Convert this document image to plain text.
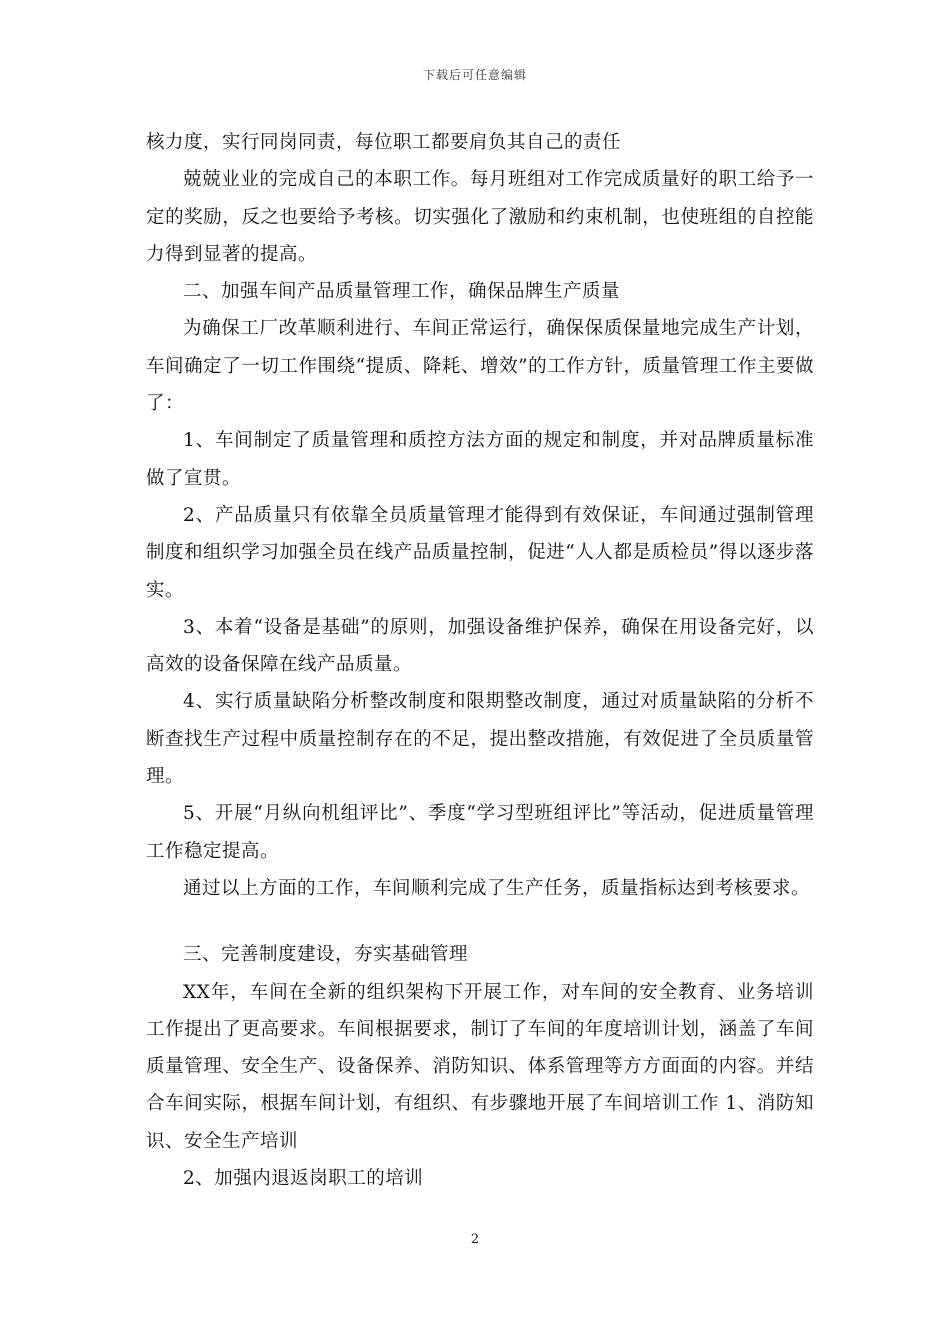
下载后可任意编辑

核力度，实行同岗同责，每位职工都要肩负其自己的责任

兢兢业业的完成自己的本职工作。每月班组对工作完成质量好的职工给予一定的奖励，反之也要给予考核。切实强化了激励和约束机制，也使班组的自控能力得到显著的提高。

二、加强车间产品质量管理工作，确保品牌生产质量

为确保工厂改革顺利进行、车间正常运行，确保保质保量地完成生产计划，车间确定了一切工作围绕“提质、降耗、增效”的工作方针，质量管理工作主要做了：

1、车间制定了质量管理和质控方法方面的规定和制度，并对品牌质量标准做了宣贯。

2、产品质量只有依靠全员质量管理才能得到有效保证，车间通过强制管理制度和组织学习加强全员在线产品质量控制，促进“人人都是质检员”得以逐步落实。

3、本着“设备是基础”的原则，加强设备维护保养，确保在用设备完好，以高效的设备保障在线产品质量。

4、实行质量缺陷分析整改制度和限期整改制度，通过对质量缺陷的分析不断查找生产过程中质量控制存在的不足，提出整改措施，有效促进了全员质量管理。

5、开展“月纵向机组评比”、季度“学习型班组评比”等活动，促进质量管理工作稳定提高。

通过以上方面的工作，车间顺利完成了生产任务，质量指标达到考核要求。

三、完善制度建设，夯实基础管理

XX年，车间在全新的组织架构下开展工作，对车间的安全教育、业务培训工作提出了更高要求。车间根据要求，制订了车间的年度培训计划，涵盖了车间质量管理、安全生产、设备保养、消防知识、体系管理等方方面面的内容。并结合车间实际，根据车间计划，有组织、有步骤地开展了车间培训工作 1、消防知识、安全生产培训

2、加强内退返岗职工的培训

2
